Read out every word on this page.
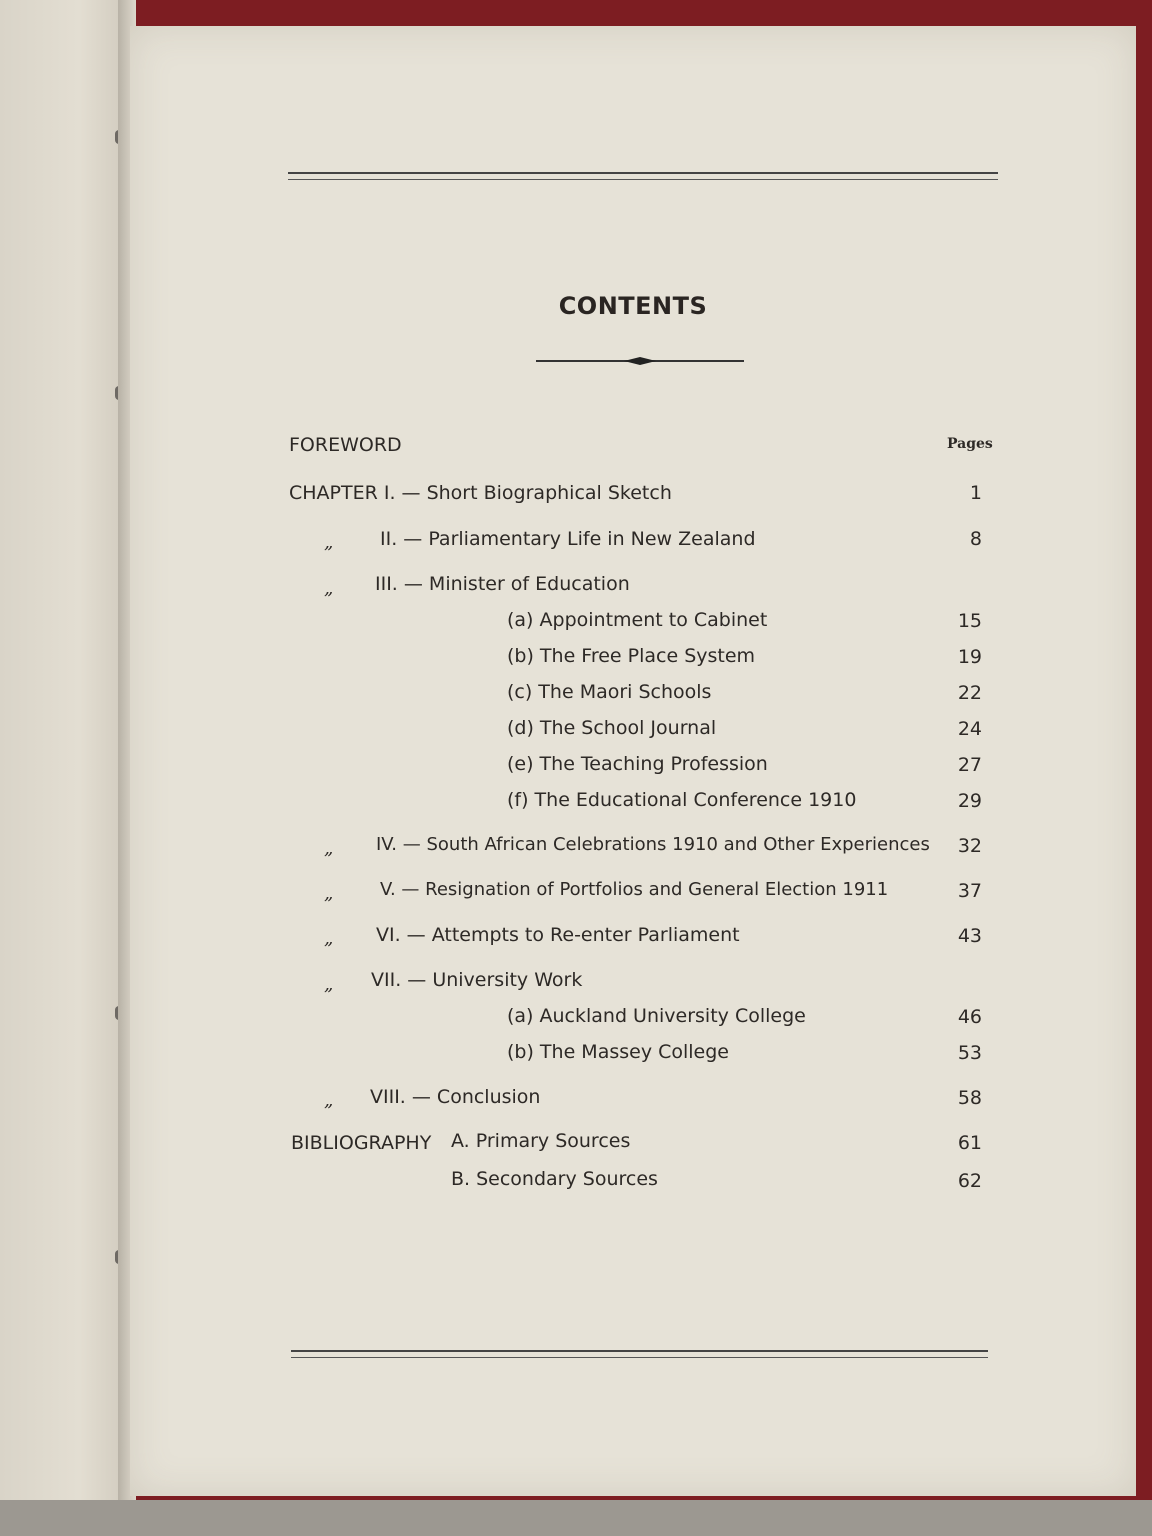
CONTENTS
FOREWORD	Pages
CHAPTER I. — Short Biographical Sketch	1
„ II. — Parliamentary Life in New Zealand	8
„ III. — Minister of Education
(a) Appointment to Cabinet	15
(b) The Free Place System	19
(c) The Maori Schools	22
(d) The School Journal	24
(e) The Teaching Profession	27
(f) The Educational Conference 1910	29
„ IV. — South African Celebrations 1910 and Other Experiences	32
„	V. — Resignation of Portfolios and General Election 1911	37
„ VI. — Attempts to Re-enter Parliament	43
„ VII. — University Work
(a) Auckland University College	46
(b) The Massey College	53
„ VIII. — Conclusion	58
BIBLIOGRAPHY A. Primary Sources	61
B. Secondary Sources	62
